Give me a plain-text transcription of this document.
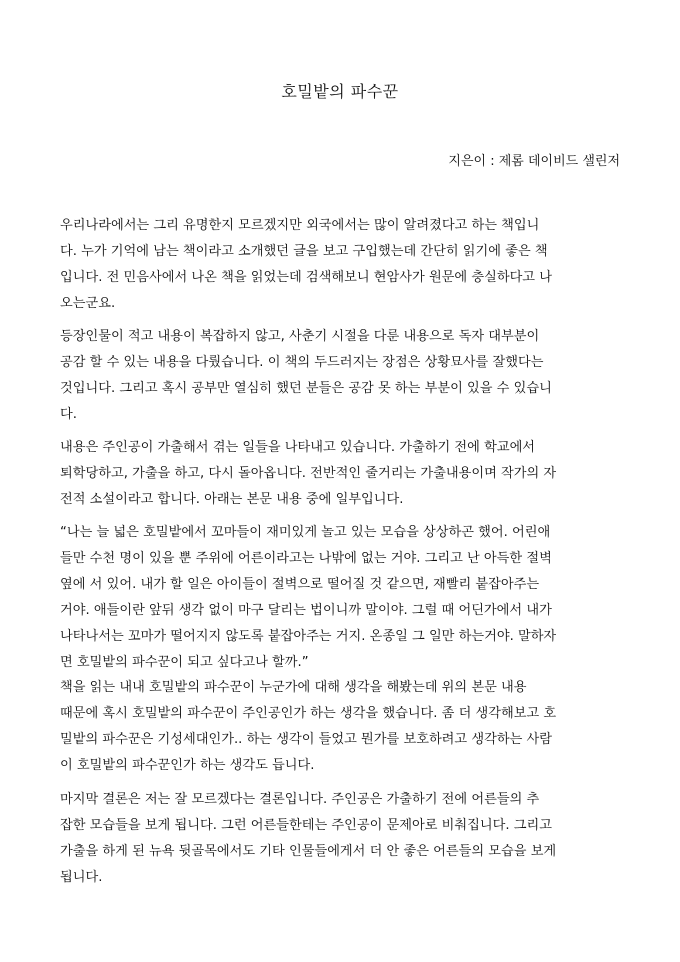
호밀밭의 파수꾼
지은이 : 제롬 데이비드 샐린저
우리나라에서는 그리 유명한지 모르겠지만 외국에서는 많이 알려졌다고 하는 책입니
다. 누가 기억에 남는 책이라고 소개했던 글을 보고 구입했는데 간단히 읽기에 좋은 책
입니다. 전 민음사에서 나온 책을 읽었는데 검색해보니 현암사가 원문에 충실하다고 나
오는군요.
등장인물이 적고 내용이 복잡하지 않고, 사춘기 시절을 다룬 내용으로 독자 대부분이
공감 할 수 있는 내용을 다뤘습니다. 이 책의 두드러지는 장점은 상황묘사를 잘했다는
것입니다. 그리고 혹시 공부만 열심히 했던 분들은 공감 못 하는 부분이 있을 수 있습니
다.
내용은 주인공이 가출해서 겪는 일들을 나타내고 있습니다. 가출하기 전에 학교에서
퇴학당하고, 가출을 하고, 다시 돌아옵니다. 전반적인 줄거리는 가출내용이며 작가의 자
전적 소설이라고 합니다. 아래는 본문 내용 중에 일부입니다.
“나는 늘 넓은 호밀밭에서 꼬마들이 재미있게 놀고 있는 모습을 상상하곤 했어. 어린애
들만 수천 명이 있을 뿐 주위에 어른이라고는 나밖에 없는 거야. 그리고 난 아득한 절벽
옆에 서 있어. 내가 할 일은 아이들이 절벽으로 떨어질 것 같으면, 재빨리 붙잡아주는
거야. 애들이란 앞뒤 생각 없이 마구 달리는 법이니까 말이야. 그럴 때 어딘가에서 내가
나타나서는 꼬마가 떨어지지 않도록 붙잡아주는 거지. 온종일 그 일만 하는거야. 말하자
면 호밀밭의 파수꾼이 되고 싶다고나 할까.”
책을 읽는 내내 호밀밭의 파수꾼이 누군가에 대해 생각을 해봤는데 위의 본문 내용
때문에 혹시 호밀밭의 파수꾼이 주인공인가 하는 생각을 했습니다. 좀 더 생각해보고 호
밀밭의 파수꾼은 기성세대인가.. 하는 생각이 들었고 뭔가를 보호하려고 생각하는 사람
이 호밀밭의 파수꾼인가 하는 생각도 듭니다.
마지막 결론은 저는 잘 모르겠다는 결론입니다. 주인공은 가출하기 전에 어른들의 추
잡한 모습들을 보게 됩니다. 그런 어른들한테는 주인공이 문제아로 비춰집니다. 그리고
가출을 하게 된 뉴욕 뒷골목에서도 기타 인물들에게서 더 안 좋은 어른들의 모습을 보게
됩니다.
